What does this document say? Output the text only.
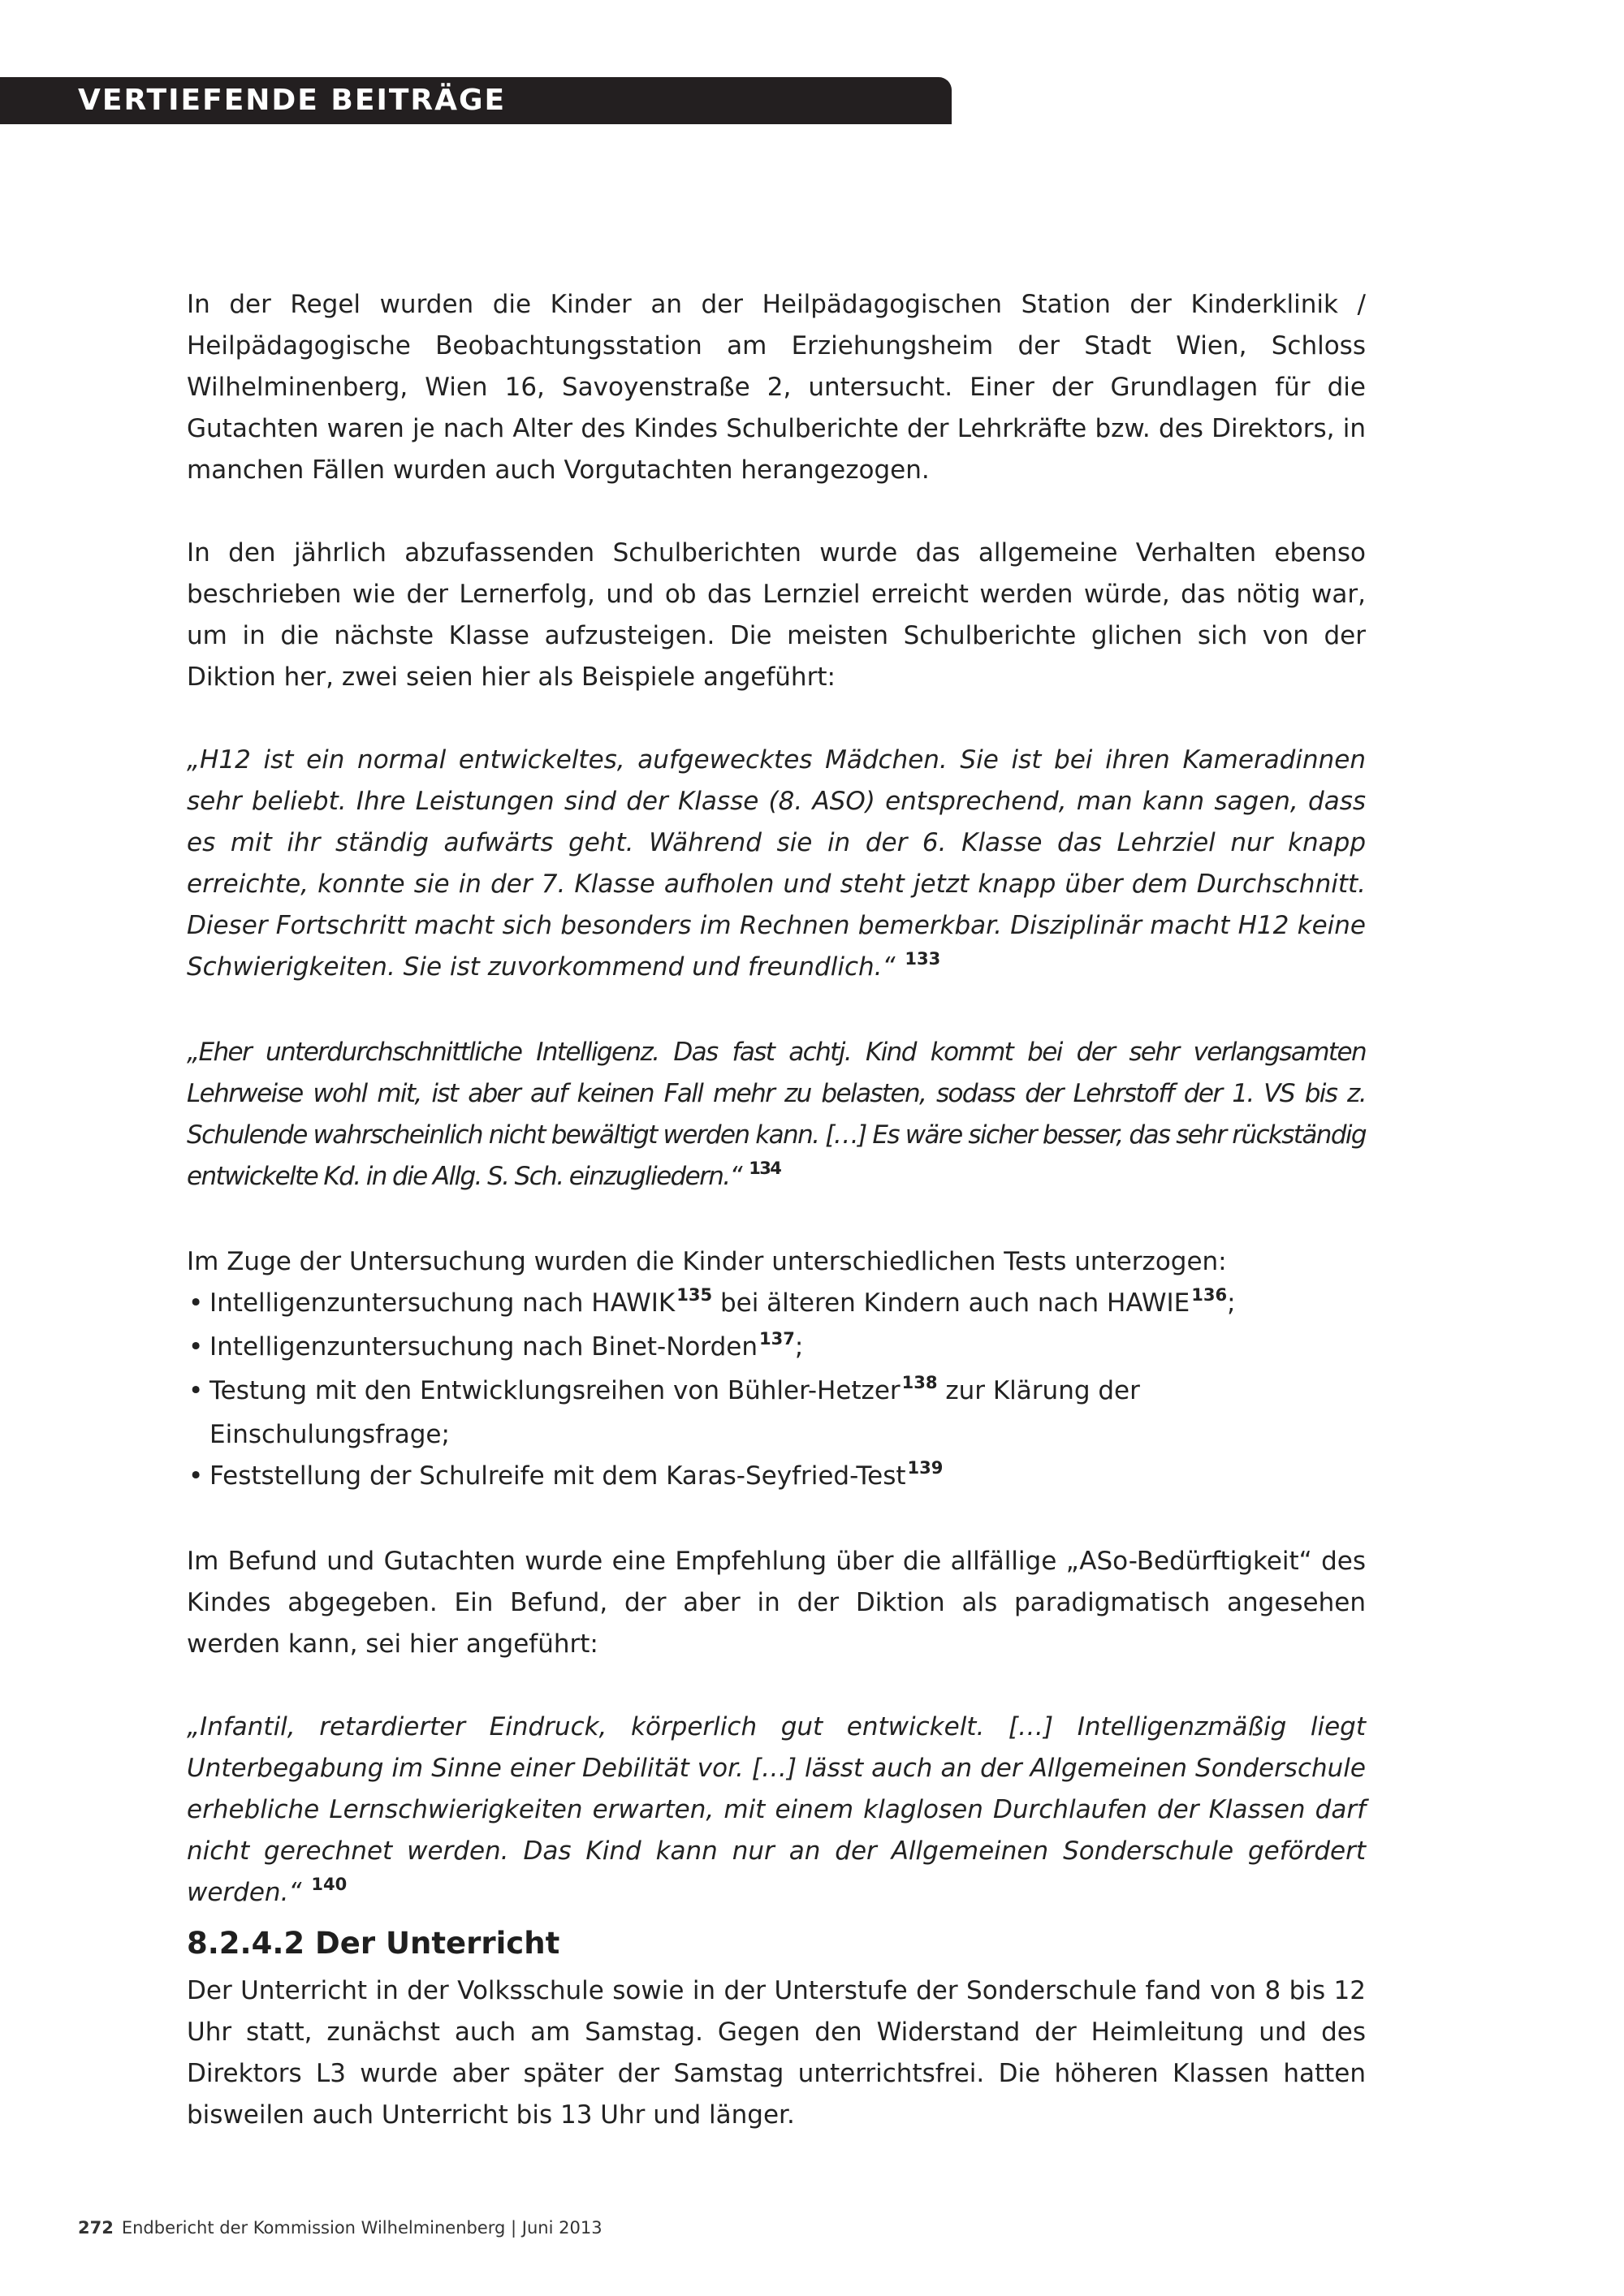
VERTIEFENDE BEITRÄGE

In der Regel wurden die Kinder an der Heilpädagogischen Station der Kinderklinik / Heilpädagogische Beobachtungsstation am Erziehungsheim der Stadt Wien, Schloss Wilhelminenberg, Wien 16, Savoyenstraße 2, untersucht. Einer der Grundlagen für die Gutachten waren je nach Alter des Kindes Schulberichte der Lehrkräfte bzw. des Direktors, in manchen Fällen wurden auch Vorgutachten herangezogen.

In den jährlich abzufassenden Schulberichten wurde das allgemeine Verhalten ebenso beschrieben wie der Lernerfolg, und ob das Lernziel erreicht werden würde, das nötig war, um in die nächste Klasse aufzusteigen. Die meisten Schulberichte glichen sich von der Diktion her, zwei seien hier als Beispiele angeführt:

„H12 ist ein normal entwickeltes, aufgewecktes Mädchen. Sie ist bei ihren Kameradinnen sehr beliebt. Ihre Leistungen sind der Klasse (8. ASO) entsprechend, man kann sagen, dass es mit ihr ständig aufwärts geht. Während sie in der 6. Klasse das Lehrziel nur knapp erreichte, konnte sie in der 7. Klasse aufholen und steht jetzt knapp über dem Durchschnitt. Dieser Fortschritt macht sich besonders im Rechnen bemerkbar. Disziplinär macht H12 keine Schwierigkeiten. Sie ist zuvorkommend und freundlich.“ $^{133}$

„Eher unterdurchschnittliche Intelligenz. Das fast achtj. Kind kommt bei der sehr verlangsamten Lehrweise wohl mit, ist aber auf keinen Fall mehr zu belasten, sodass der Lehrstoff der 1. VS bis z. Schulende wahrscheinlich nicht bewältigt werden kann. […] Es wäre sicher besser, das sehr rückständig entwickelte Kd. in die Allg. S. Sch. einzugliedern.“ $^{134}$

Im Zuge der Untersuchung wurden die Kinder unterschiedlichen Tests unterzogen:

• Intelligenzuntersuchung nach HAWIK$^{135}$ bei älteren Kindern auch nach HAWIE$^{136}$;
• Intelligenzuntersuchung nach Binet-Norden$^{137}$;
• Testung mit den Entwicklungsreihen von Bühler-Hetzer$^{138}$ zur Klärung der Einschulungsfrage;
• Feststellung der Schulreife mit dem Karas-Seyfried-Test$^{139}$

Im Befund und Gutachten wurde eine Empfehlung über die allfällige „ASo-Bedürftigkeit“ des Kindes abgegeben. Ein Befund, der aber in der Diktion als paradigmatisch angesehen werden kann, sei hier angeführt:

„Infantil, retardierter Eindruck, körperlich gut entwickelt. […] Intelligenzmäßig liegt Unterbegabung im Sinne einer Debilität vor. […] lässt auch an der Allgemeinen Sonderschule erhebliche Lernschwierigkeiten erwarten, mit einem klaglosen Durchlaufen der Klassen darf nicht gerechnet werden. Das Kind kann nur an der Allgemeinen Sonderschule gefördert werden.“ $^{140}$

8.2.4.2 Der Unterricht

Der Unterricht in der Volksschule sowie in der Unterstufe der Sonderschule fand von 8 bis 12 Uhr statt, zunächst auch am Samstag. Gegen den Widerstand der Heimleitung und des Direktors L3 wurde aber später der Samstag unterrichtsfrei. Die höheren Klassen hatten bisweilen auch Unterricht bis 13 Uhr und länger.

272 Endbericht der Kommission Wilhelminenberg | Juni 2013
